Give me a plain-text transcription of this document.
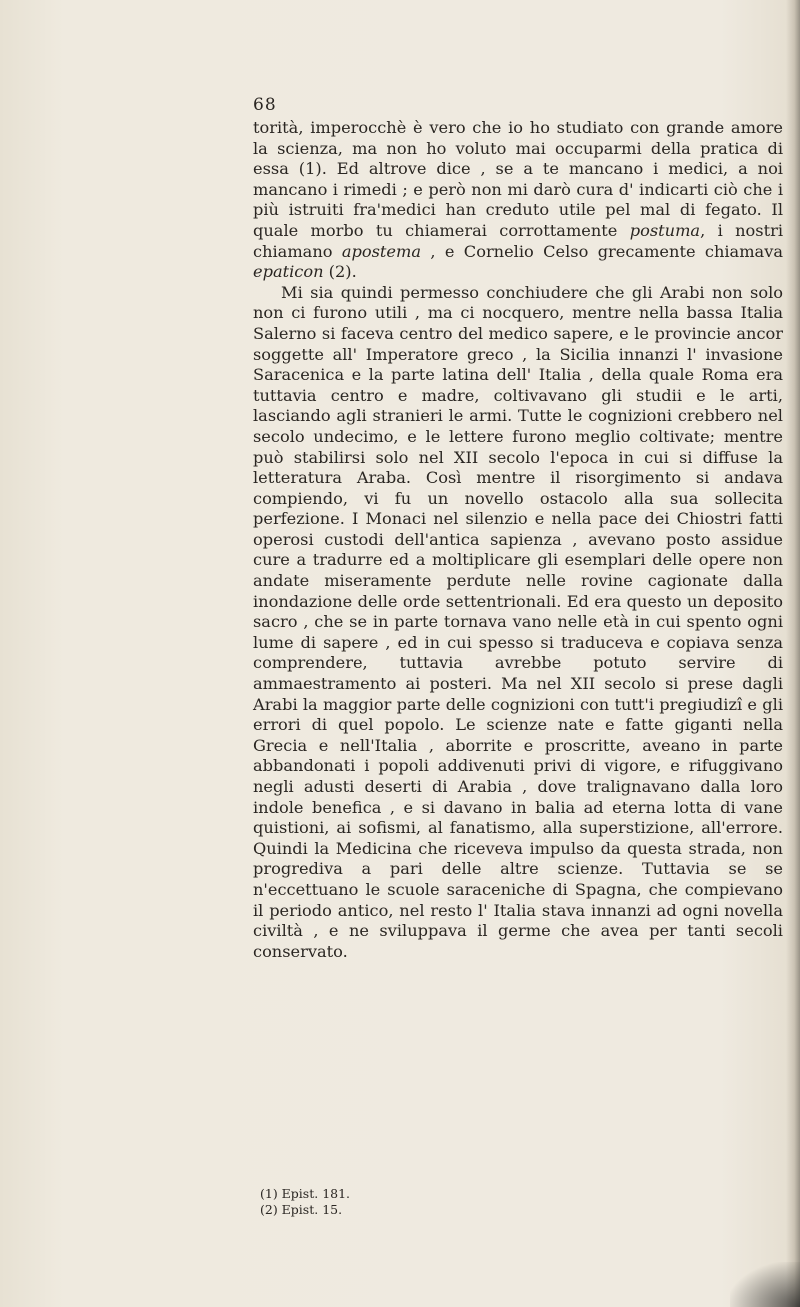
68

torità, imperocchè è vero che io ho studiato con grande amore la scienza, ma non ho voluto mai occuparmi della pratica di essa (1). Ed altrove dice , se a te mancano i medici, a noi mancano i rimedi ; e però non mi darò cura d' indicarti ciò che i più istruiti fra'medici han creduto utile pel mal di fegato. Il quale morbo tu chiamerai corrottamente postuma, i nostri chiamano apostema , e Cornelio Celso grecamente chiamava epaticon (2).

Mi sia quindi permesso conchiudere che gli Arabi non solo non ci furono utili , ma ci nocquero, mentre nella bassa Italia Salerno si faceva centro del medico sapere, e le provincie ancor soggette all' Imperatore greco , la Sicilia innanzi l' invasione Saracenica e la parte latina dell' Italia , della quale Roma era tuttavia centro e madre, coltivavano gli studii e le arti, lasciando agli stranieri le armi. Tutte le cognizioni crebbero nel secolo undecimo, e le lettere furono meglio coltivate; mentre può stabilirsi solo nel XII secolo l'epoca in cui si diffuse la letteratura Araba. Così mentre il risorgimento si andava compiendo, vi fu un novello ostacolo alla sua sollecita perfezione. I Monaci nel silenzio e nella pace dei Chiostri fatti operosi custodi dell'antica sapienza , avevano posto assidue cure a tradurre ed a moltiplicare gli esemplari delle opere non andate miseramente perdute nelle rovine cagionate dalla inondazione delle orde settentrionali. Ed era questo un deposito sacro , che se in parte tornava vano nelle età in cui spento ogni lume di sapere , ed in cui spesso si traduceva e copiava senza comprendere, tuttavia avrebbe potuto servire di ammaestramento ai posteri. Ma nel XII secolo si prese dagli Arabi la maggior parte delle cognizioni con tutt'i pregiudizî e gli errori di quel popolo. Le scienze nate e fatte giganti nella Grecia e nell'Italia , aborrite e proscritte, aveano in parte abbandonati i popoli addivenuti privi di vigore, e rifuggivano negli adusti deserti di Arabia , dove tralignavano dalla loro indole benefica , e si davano in balia ad eterna lotta di vane quistioni, ai sofismi, al fanatismo, alla superstizione, all'errore. Quindi la Medicina che riceveva impulso da questa strada, non progrediva a pari delle altre scienze. Tuttavia se se n'eccettuano le scuole saraceniche di Spagna, che compievano il periodo antico, nel resto l' Italia stava innanzi ad ogni novella civiltà , e ne sviluppava il germe che avea per tanti secoli conservato.

(1) Epist. 181.
(2) Epist. 15.
